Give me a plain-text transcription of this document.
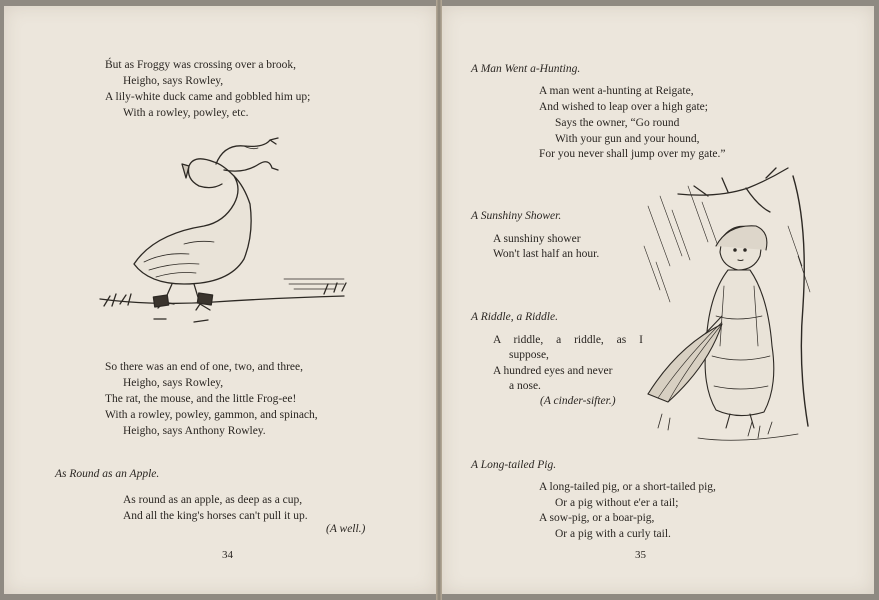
B́ut as Froggy was crossing over a brook,
Heigho, says Rowley,
A lily-white duck came and gobbled him up;
With a rowley, powley, etc.
So there was an end of one, two, and three,
Heigho, says Rowley,
The rat, the mouse, and the little Frog-ee!
With a rowley, powley, gammon, and spinach,
Heigho, says Anthony Rowley.
As Round as an Apple.
As round as an apple, as deep as a cup,
And all the king's horses can't pull it up.
(A well.)
34
A Man Went a-Hunting.
A man went a-hunting at Reigate,
And wished to leap over a high gate;
Says the owner, “Go round
With your gun and your hound,
For you never shall jump over my gate.”
A Sunshiny Shower.
A sunshiny shower
Won't last half an hour.
A Riddle, a Riddle.
A riddle, a riddle, as I
suppose,
A hundred eyes and never
a nose.
(A cinder-sifter.)
A Long-tailed Pig.
A long-tailed pig, or a short-tailed pig,
Or a pig without e'er a tail;
A sow-pig, or a boar-pig,
Or a pig with a curly tail.
35
